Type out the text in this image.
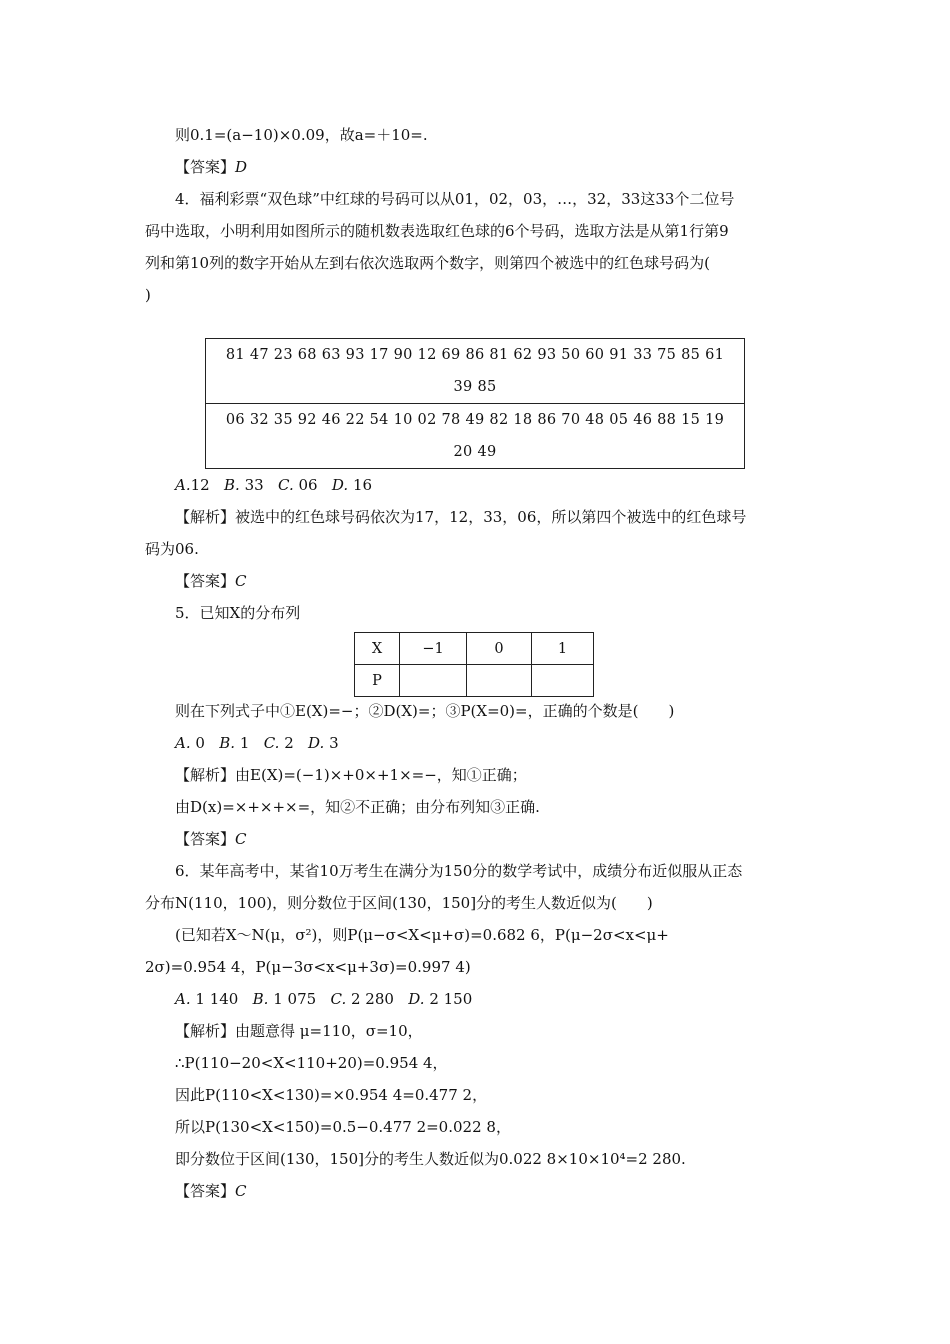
则0.1=(a−10)×0.09，故a=＋10=.
【答案】D
4．福利彩票“双色球”中红球的号码可以从01，02，03，…，32，33这33个二位号
码中选取，小明利用如图所示的随机数表选取红色球的6个号码，选取方法是从第1行第9
列和第10列的数字开始从左到右依次选取两个数字，则第四个被选中的红色球号码为(
)
81 47 23 68 63 93 17 90 12 69 86 81 62 93 50 60 91 33 75 85 61
39 85

06 32 35 92 46 22 54 10 02 78 49 82 18 86 70 48 05 46 88 15 19
20 49
A.12 B. 33 C. 06 D. 16
【解析】被选中的红色球号码依次为17，12，33，06，所以第四个被选中的红色球号
码为06.
【答案】C
5．已知X的分布列
X	−1	0	1
P			
则在下列式子中①E(X)=−；②D(X)=；③P(X=0)=，正确的个数是(　　)
A. 0 B. 1 C. 2 D. 3
【解析】由E(X)=(−1)×+0×+1×=−，知①正确；
由D(x)=×+×+×=，知②不正确；由分布列知③正确.
【答案】C
6．某年高考中，某省10万考生在满分为150分的数学考试中，成绩分布近似服从正态
分布N(110，100)，则分数位于区间(130，150]分的考生人数近似为(　　)
(已知若X～N(μ，σ²)，则P(μ−σ<X<μ+σ)=0.682 6，P(μ−2σ<x<μ+
2σ)=0.954 4，P(μ−3σ<x<μ+3σ)=0.997 4)
A. 1 140 B. 1 075 C. 2 280 D. 2 150
【解析】由题意得 μ=110，σ=10，
∴P(110−20<X<110+20)=0.954 4，
因此P(110<X<130)=×0.954 4=0.477 2，
所以P(130<X<150)=0.5−0.477 2=0.022 8，
即分数位于区间(130，150]分的考生人数近似为0.022 8×10×10⁴=2 280.
【答案】C
